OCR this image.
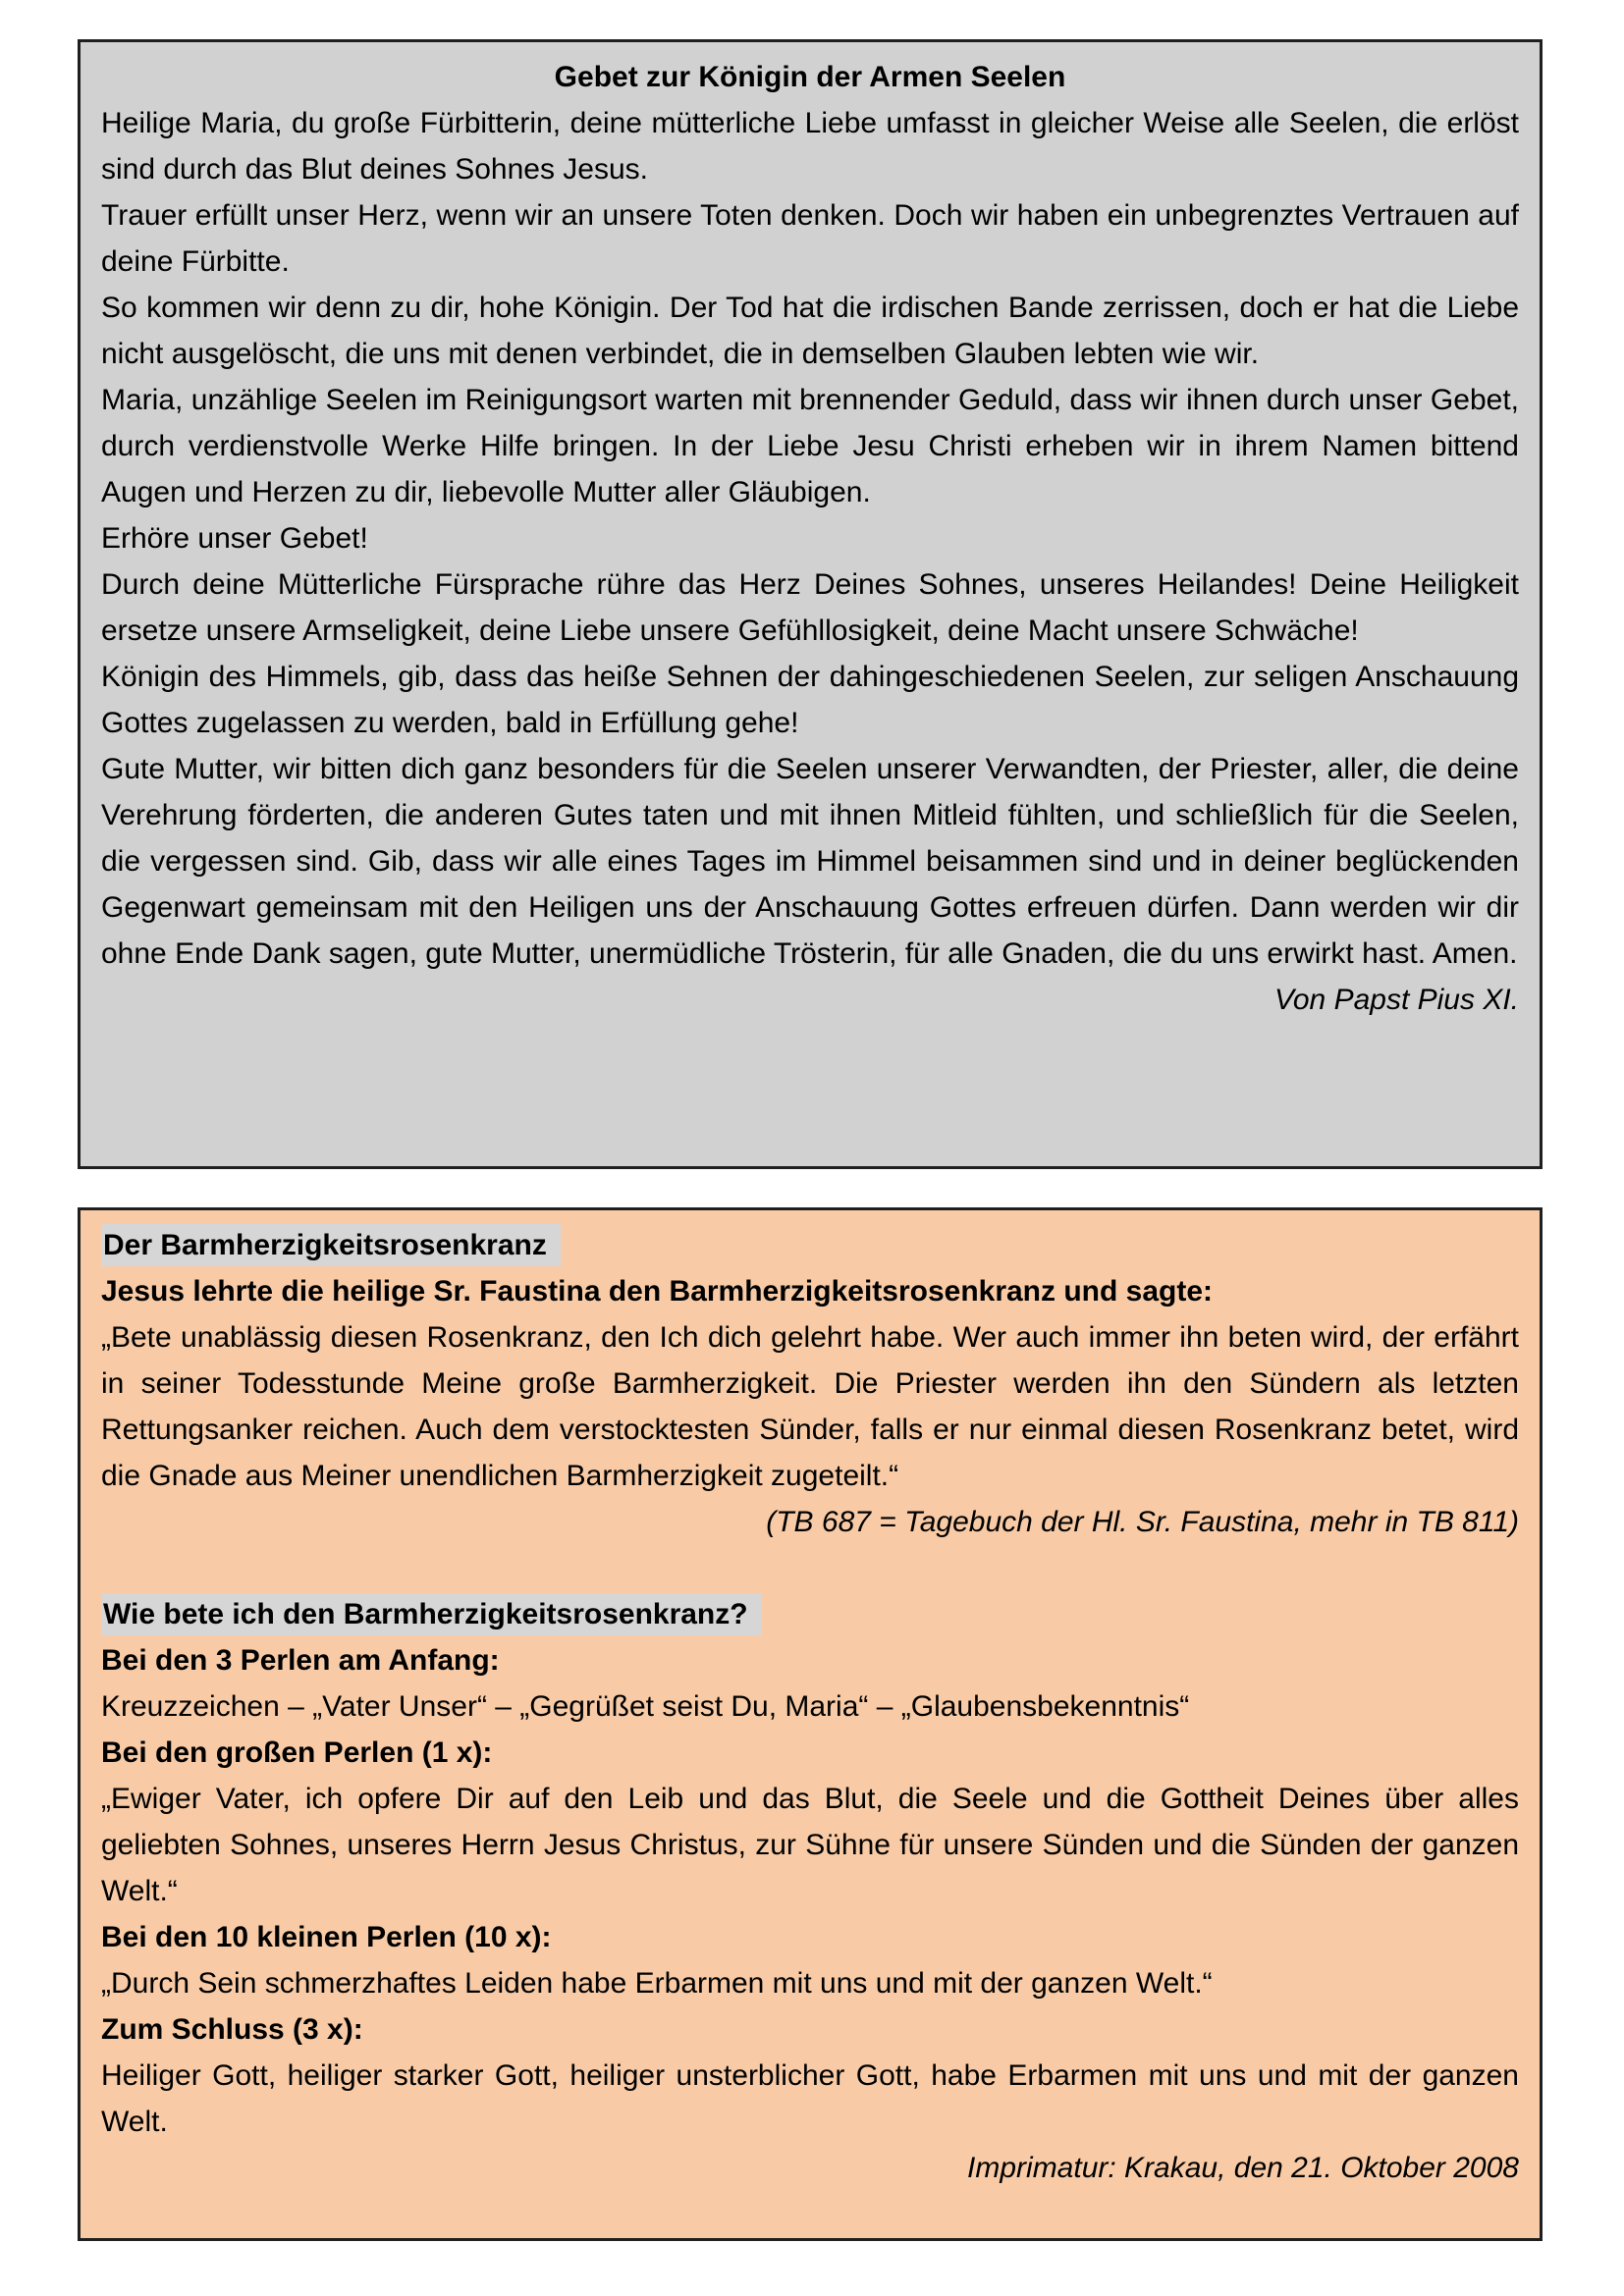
Gebet zur Königin der Armen Seelen

Heilige Maria, du große Fürbitterin, deine mütterliche Liebe umfasst in gleicher Weise alle Seelen, die erlöst sind durch das Blut deines Sohnes Jesus.

Trauer erfüllt unser Herz, wenn wir an unsere Toten denken. Doch wir haben ein unbegrenztes Vertrauen auf deine Fürbitte.

So kommen wir denn zu dir, hohe Königin. Der Tod hat die irdischen Bande zerrissen, doch er hat die Liebe nicht ausgelöscht, die uns mit denen verbindet, die in demselben Glauben lebten wie wir.

Maria, unzählige Seelen im Reinigungsort warten mit brennender Geduld, dass wir ihnen durch unser Gebet, durch verdienstvolle Werke Hilfe bringen. In der Liebe Jesu Christi erheben wir in ihrem Namen bittend Augen und Herzen zu dir, liebevolle Mutter aller Gläubigen.

Erhöre unser Gebet!

Durch deine Mütterliche Fürsprache rühre das Herz Deines Sohnes, unseres Heilandes! Deine Heiligkeit ersetze unsere Armseligkeit, deine Liebe unsere Gefühllosigkeit, deine Macht unsere Schwäche!

Königin des Himmels, gib, dass das heiße Sehnen der dahingeschiedenen Seelen, zur seligen Anschauung Gottes zugelassen zu werden, bald in Erfüllung gehe!

Gute Mutter, wir bitten dich ganz besonders für die Seelen unserer Verwandten, der Priester, aller, die deine Verehrung förderten, die anderen Gutes taten und mit ihnen Mitleid fühlten, und schließlich für die Seelen, die vergessen sind. Gib, dass wir alle eines Tages im Himmel beisammen sind und in deiner beglückenden Gegenwart gemeinsam mit den Heiligen uns der Anschauung Gottes erfreuen dürfen. Dann werden wir dir ohne Ende Dank sagen, gute Mutter, unermüdliche Trösterin, für alle Gnaden, die du uns erwirkt hast. Amen.

Von Papst Pius XI.

Der Barmherzigkeitsrosenkranz

Jesus lehrte die heilige Sr. Faustina den Barmherzigkeitsrosenkranz und sagte:

„Bete unablässig diesen Rosenkranz, den Ich dich gelehrt habe. Wer auch immer ihn beten wird, der erfährt in seiner Todesstunde Meine große Barmherzigkeit. Die Priester werden ihn den Sündern als letzten Rettungsanker reichen. Auch dem verstocktesten Sünder, falls er nur einmal diesen Rosenkranz betet, wird die Gnade aus Meiner unendlichen Barmherzigkeit zugeteilt.“
(TB 687 = Tagebuch der Hl. Sr. Faustina, mehr in TB 811)

Wie bete ich den Barmherzigkeitsrosenkranz?

Bei den 3 Perlen am Anfang:

Kreuzzeichen – „Vater Unser“ – „Gegrüßet seist Du, Maria“ – „Glaubensbekenntnis“

Bei den großen Perlen (1 x):

„Ewiger Vater, ich opfere Dir auf den Leib und das Blut, die Seele und die Gottheit Deines über alles geliebten Sohnes, unseres Herrn Jesus Christus, zur Sühne für unsere Sünden und die Sünden der ganzen Welt.“

Bei den 10 kleinen Perlen (10 x):

„Durch Sein schmerzhaftes Leiden habe Erbarmen mit uns und mit der ganzen Welt.“

Zum Schluss (3 x):

Heiliger Gott, heiliger starker Gott, heiliger unsterblicher Gott, habe Erbarmen mit uns und mit der ganzen Welt.

Imprimatur: Krakau, den 21. Oktober 2008
